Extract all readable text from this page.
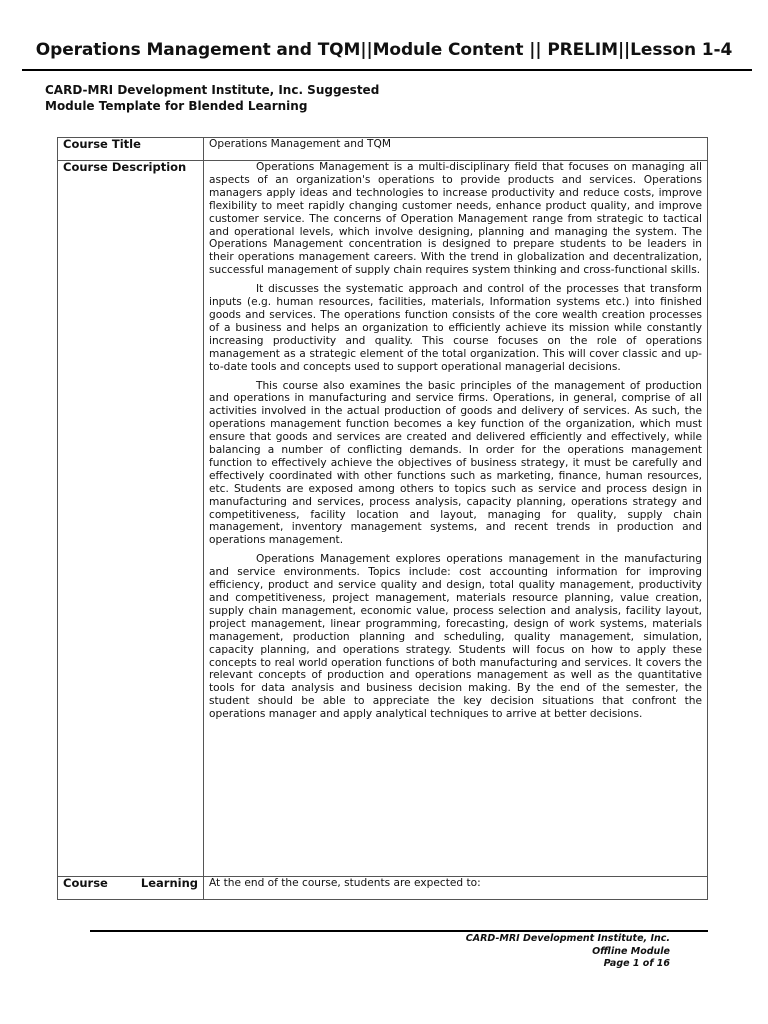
Operations Management and TQM||Module Content || PRELIM||Lesson 1-4
CARD-MRI Development Institute, Inc. Suggested
Module Template for Blended Learning
Course Title	Operations Management and TQM
Course Description	Operations Management is a multi-disciplinary field that focuses on managing all aspects of an organization's operations to provide products and services. Operations managers apply ideas and technologies to increase productivity and reduce costs, improve flexibility to meet rapidly changing customer needs, enhance product quality, and improve customer service. The concerns of Operation Management range from strategic to tactical and operational levels, which involve designing, planning and managing the system. The Operations Management concentration is designed to prepare students to be leaders in their operations management careers. With the trend in globalization and decentralization, successful management of supply chain requires system thinking and cross-functional skills.

It discusses the systematic approach and control of the processes that transform inputs (e.g. human resources, facilities, materials, Information systems etc.) into finished goods and services. The operations function consists of the core wealth creation processes of a business and helps an organization to efficiently achieve its mission while constantly increasing productivity and quality. This course focuses on the role of operations management as a strategic element of the total organization. This will cover classic and up-to-date tools and concepts used to support operational managerial decisions.

This course also examines the basic principles of the management of production and operations in manufacturing and service firms. Operations, in general, comprise of all activities involved in the actual production of goods and delivery of services. As such, the operations management function becomes a key function of the organization, which must ensure that goods and services are created and delivered efficiently and effectively, while balancing a number of conflicting demands. In order for the operations management function to effectively achieve the objectives of business strategy, it must be carefully and effectively coordinated with other functions such as marketing, finance, human resources, etc. Students are exposed among others to topics such as service and process design in manufacturing and services, process analysis, capacity planning, operations strategy and competitiveness, facility location and layout, managing for quality, supply chain management, inventory management systems, and recent trends in production and operations management.

Operations Management explores operations management in the manufacturing and service environments. Topics include: cost accounting information for improving efficiency, product and service quality and design, total quality management, productivity and competitiveness, project management, materials resource planning, value creation, supply chain management, economic value, process selection and analysis, facility layout, project management, linear programming, forecasting, design of work systems, materials management, production planning and scheduling, quality management, simulation, capacity planning, and operations strategy. Students will focus on how to apply these concepts to real world operation functions of both manufacturing and services. It covers the relevant concepts of production and operations management as well as the quantitative tools for data analysis and business decision making. By the end of the semester, the student should be able to appreciate the key decision situations that confront the operations manager and apply analytical techniques to arrive at better decisions.

Course Learning	At the end of the course, students are expected to:
CARD-MRI Development Institute, Inc.
Offline Module
Page 1 of 16
